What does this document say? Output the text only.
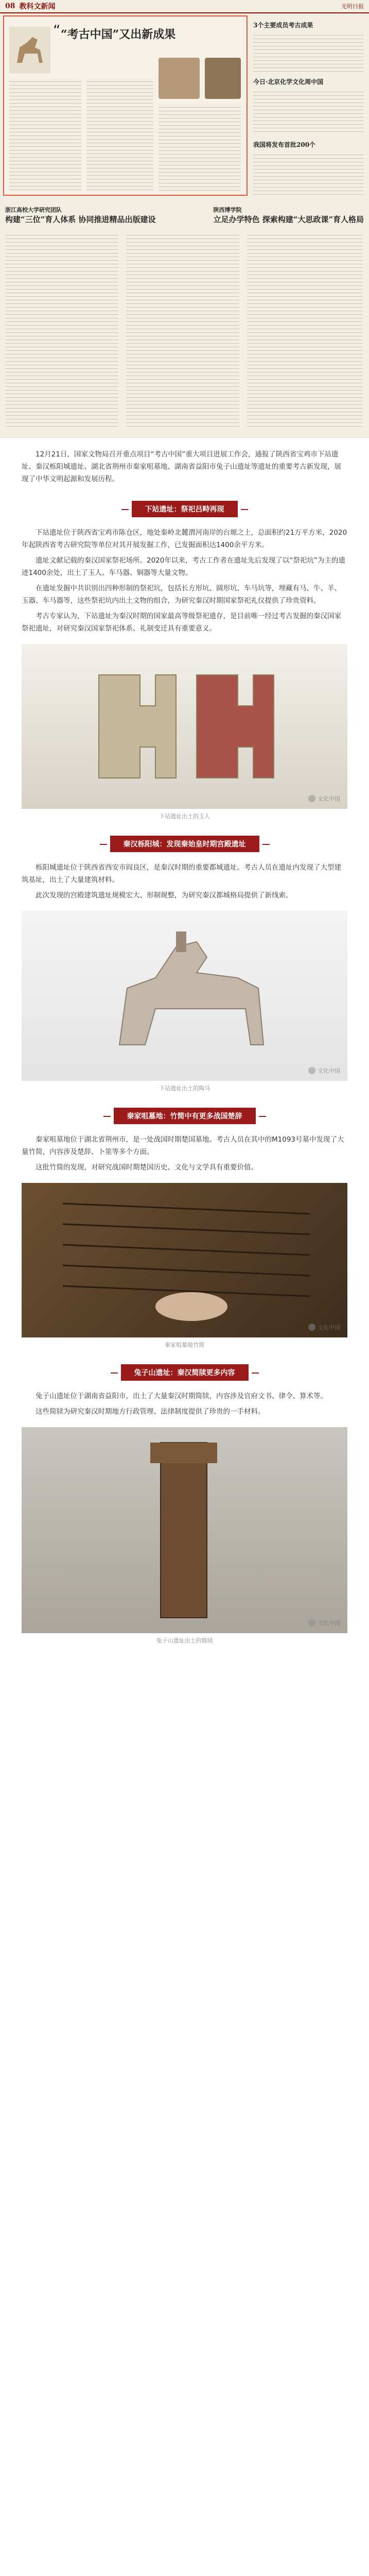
08 教科文新闻	光明日报
“ “考古中国”又出新成果
3个主要成员考古成果
今日·北京化学文化周中国
我国将发布首批200个
浙江高校大学研究团队
构建“三位”育人体系 协同推进精品出版建设
陕西博学院
立足办学特色 探索构建“大思政课”育人格局

12月21日，国家文物局召开重点项目“考古中国”重大项目进展工作会，通报了陕西省宝鸡市下站遗址、秦汉栎阳城遗址、湖北省荆州市秦家咀墓地、湖南省益阳市兔子山遗址等遗址的重要考古新发现，展现了中华文明起源和发展历程。

下站遗址：祭祀吕畤再现

下站遗址位于陕西省宝鸡市陈仓区，地处秦岭北麓渭河南岸的台塬之上，总面积约21万平方米，2020年起陕西省考古研究院等单位对其开展发掘工作，已发掘面积达1400余平方米。

遗址文献记载的秦汉国家祭祀场所。2020年以来，考古工作者在遗址先后发现了以“祭祀坑”为主的遗迹1400余处，出土了玉人、车马器、铜器等大量文物。

在遗址发掘中共识别出四种形制的祭祀坑，包括长方形坑、圆形坑、车马坑等，埋藏有马、牛、羊、玉器、车马器等，这些祭祀坑内出土文物的组合，为研究秦汉时期国家祭祀礼仪提供了珍贵资料。

考古专家认为，下站遗址为秦汉时期的国家最高等级祭祀遗存，是目前唯一经过考古发掘的秦汉国家祭祀遗址，对研究秦汉国家祭祀体系、礼制变迁具有重要意义。

文化中国
下站遗址出土的玉人
秦汉栎阳城：发现秦始皇时期宫殿遗址

栎阳城遗址位于陕西省西安市阎良区，是秦汉时期的重要都城遗址。考古人员在遗址内发现了大型建筑基址，出土了大量建筑材料。

此次发现的宫殿建筑遗址规模宏大、形制规整，为研究秦汉都城格局提供了新线索。

文化中国
下站遗址出土的陶马
秦家咀墓地：竹简中有更多战国楚辞

秦家咀墓地位于湖北省荆州市，是一处战国时期楚国墓地。考古人员在其中的M1093号墓中发现了大量竹简，内容涉及楚辞、卜筮等多个方面。

这批竹简的发现，对研究战国时期楚国历史、文化与文学具有重要价值。

文化中国
秦家咀墓地竹简
兔子山遗址：秦汉简牍更多内容

兔子山遗址位于湖南省益阳市，出土了大量秦汉时期简牍，内容涉及官府文书、律令、算术等。

这些简牍为研究秦汉时期地方行政管理、法律制度提供了珍贵的一手材料。

文化中国
兔子山遗址出土的简牍
